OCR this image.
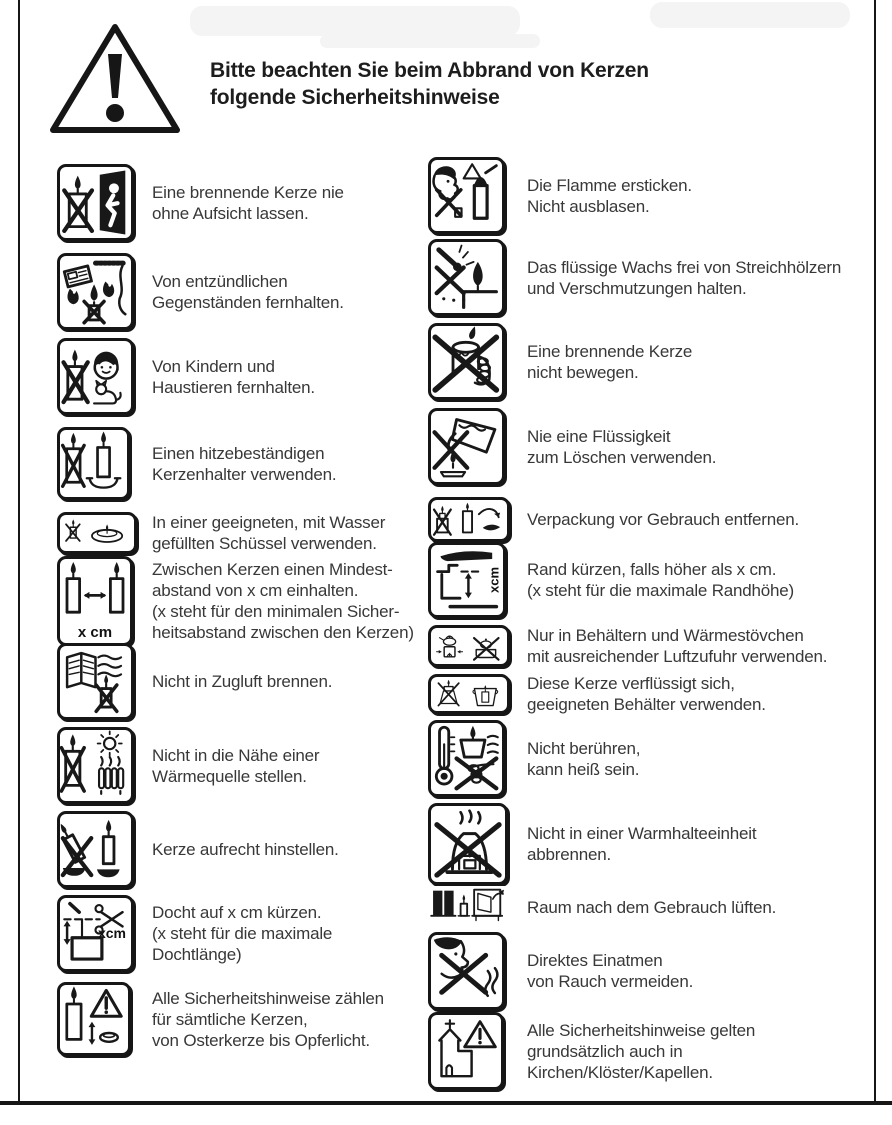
Bitte beachten Sie beim Abbrand von Kerzen
folgende Sicherheitshinweise
Eine brennende Kerze nie
ohne Aufsicht lassen.
Von entzündlichen
Gegenständen fernhalten.
Von Kindern und
Haustieren fernhalten.
Einen hitzebeständigen
Kerzenhalter verwenden.
In einer geeigneten, mit Wasser
gefüllten Schüssel verwenden.
x cm
Zwischen Kerzen einen Mindest-
abstand von x cm einhalten.
(x steht für den minimalen Sicher-
heitsabstand zwischen den Kerzen)
Nicht in Zugluft brennen.
Nicht in die Nähe einer
Wärmequelle stellen.
Kerze aufrecht hinstellen.
xcm
Docht auf x cm kürzen.
(x steht für die maximale
Dochtlänge)
Alle Sicherheitshinweise zählen
für sämtliche Kerzen,
von Osterkerze bis Opferlicht.
Die Flamme ersticken.
Nicht ausblasen.
Das flüssige Wachs frei von Streichhölzern
und Verschmutzungen halten.
Eine brennende Kerze
nicht bewegen.
Nie eine Flüssigkeit
zum Löschen verwenden.
Verpackung vor Gebrauch entfernen.
xcm Rand kürzen, falls höher als x cm.
(x steht für die maximale Randhöhe)
Nur in Behältern und Wärmestövchen
mit ausreichender Luftzufuhr verwenden.
Diese Kerze verflüssigt sich,
geeigneten Behälter verwenden.
Nicht berühren,
kann heiß sein.
Nicht in einer Warmhalteeinheit
abbrennen.
Raum nach dem Gebrauch lüften.
Direktes Einatmen
von Rauch vermeiden.
Alle Sicherheitshinweise gelten
grundsätzlich auch in
Kirchen/Klöster/Kapellen.
